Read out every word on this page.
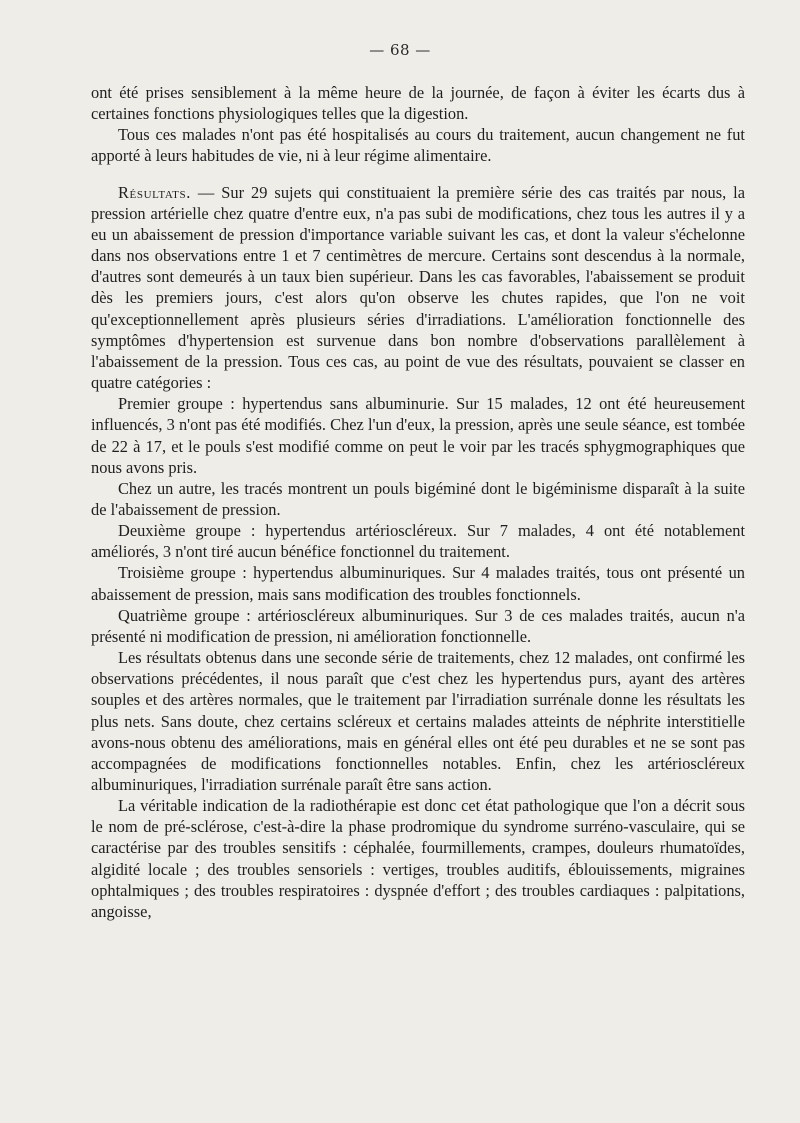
— 68 —

ont été prises sensiblement à la même heure de la journée, de façon à éviter les écarts dus à certaines fonctions physiologiques telles que la digestion.

Tous ces malades n'ont pas été hospitalisés au cours du traitement, aucun changement ne fut apporté à leurs habitudes de vie, ni à leur régime alimentaire.

Résultats. — Sur 29 sujets qui constituaient la première série des cas traités par nous, la pression artérielle chez quatre d'entre eux, n'a pas subi de modifications, chez tous les autres il y a eu un abaissement de pression d'importance variable suivant les cas, et dont la valeur s'échelonne dans nos observations entre 1 et 7 centimètres de mercure. Certains sont descendus à la normale, d'autres sont demeurés à un taux bien supérieur. Dans les cas favorables, l'abaissement se produit dès les premiers jours, c'est alors qu'on observe les chutes rapides, que l'on ne voit qu'exceptionnellement après plusieurs séries d'irradiations. L'amélioration fonctionnelle des symptômes d'hypertension est survenue dans bon nombre d'observations parallèlement à l'abaissement de la pression. Tous ces cas, au point de vue des résultats, pouvaient se classer en quatre catégories :

Premier groupe : hypertendus sans albuminurie. Sur 15 malades, 12 ont été heureusement influencés, 3 n'ont pas été modifiés. Chez l'un d'eux, la pression, après une seule séance, est tombée de 22 à 17, et le pouls s'est modifié comme on peut le voir par les tracés sphygmographiques que nous avons pris.

Chez un autre, les tracés montrent un pouls bigéminé dont le bigéminisme disparaît à la suite de l'abaissement de pression.

Deuxième groupe : hypertendus artérioscléreux. Sur 7 malades, 4 ont été notablement améliorés, 3 n'ont tiré aucun bénéfice fonctionnel du traitement.

Troisième groupe : hypertendus albuminuriques. Sur 4 malades traités, tous ont présenté un abaissement de pression, mais sans modification des troubles fonctionnels.

Quatrième groupe : artérioscléreux albuminuriques. Sur 3 de ces malades traités, aucun n'a présenté ni modification de pression, ni amélioration fonctionnelle.

Les résultats obtenus dans une seconde série de traitements, chez 12 malades, ont confirmé les observations précédentes, il nous paraît que c'est chez les hypertendus purs, ayant des artères souples et des artères normales, que le traitement par l'irradiation surrénale donne les résultats les plus nets. Sans doute, chez certains scléreux et certains malades atteints de néphrite interstitielle avons-nous obtenu des améliorations, mais en général elles ont été peu durables et ne se sont pas accompagnées de modifications fonctionnelles notables. Enfin, chez les artérioscléreux albuminuriques, l'irradiation surrénale paraît être sans action.

La véritable indication de la radiothérapie est donc cet état pathologique que l'on a décrit sous le nom de pré-sclérose, c'est-à-dire la phase prodromique du syndrome surréno-vasculaire, qui se caractérise par des troubles sensitifs : céphalée, fourmillements, crampes, douleurs rhumatoïdes, algidité locale ; des troubles sensoriels : vertiges, troubles auditifs, éblouissements, migraines ophtalmiques ; des troubles respiratoires : dyspnée d'effort ; des troubles cardiaques : palpitations, angoisse,
